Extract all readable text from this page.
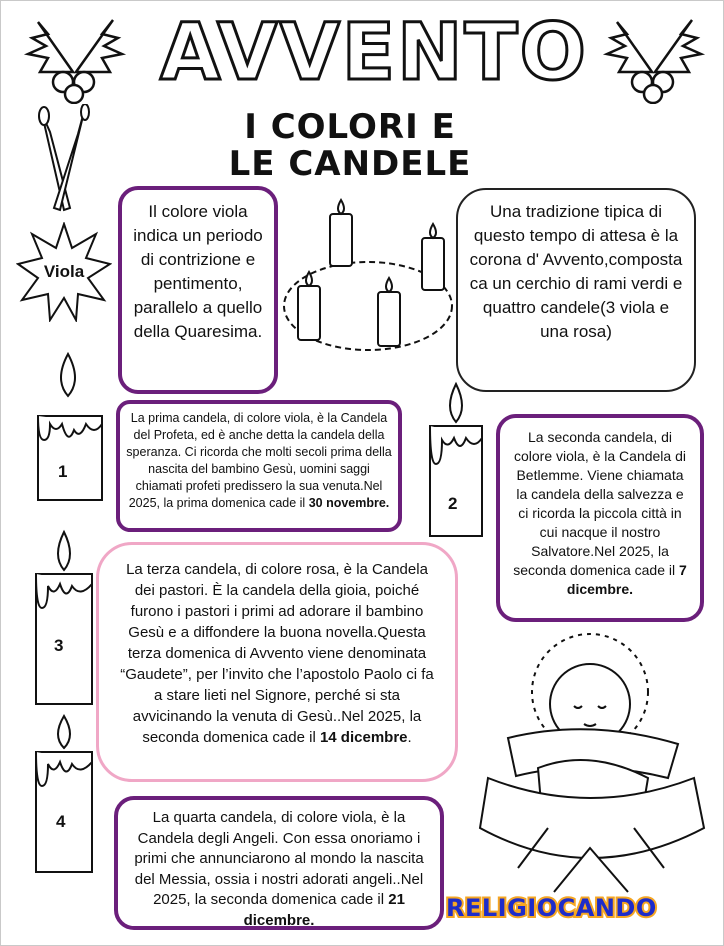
AVVENTO
I COLORI E
LE CANDELE
Viola

Il colore viola indica un periodo di contrizione e pentimento, parallelo a quello della Quaresima.

Una tradizione tipica di questo tempo di attesa è la corona d' Avvento,composta ca un cerchio di rami verdi e quattro candele(3 viola e una rosa)

1

La prima candela, di colore viola, è la Candela del Profeta, ed è anche detta la candela della speranza. Ci ricorda che molti secoli prima della nascita del bambino Gesù, uomini saggi chiamati profeti predissero la sua venuta.Nel 2025, la prima domenica cade il 30 novembre.	2

La seconda candela, di colore viola, è la Candela di Betlemme. Viene chiamata la candela della salvezza e ci ricorda la piccola città in cui nacque il nostro Salvatore.Nel 2025, la seconda domenica cade il 7 dicembre.

3

La terza candela, di colore rosa, è la Candela dei pastori. È la candela della gioia, poiché furono i pastori i primi ad adorare il bambino Gesù e a diffondere la buona novella.Questa terza domenica di Avvento viene denominata “Gaudete”, per l’invito che l’apostolo Paolo ci fa a stare lieti nel Signore, perché si sta avvicinando la venuta di Gesù..Nel 2025, la seconda domenica cade il 14 dicembre.

4	La quarta candela, di colore viola, è la Candela degli Angeli. Con essa onoriamo i primi che annunciarono al mondo la nascita del Messia, ossia i nostri adorati angeli..Nel 2025, la seconda domenica cade il 21 dicembre.	RELIGIOCANDO
